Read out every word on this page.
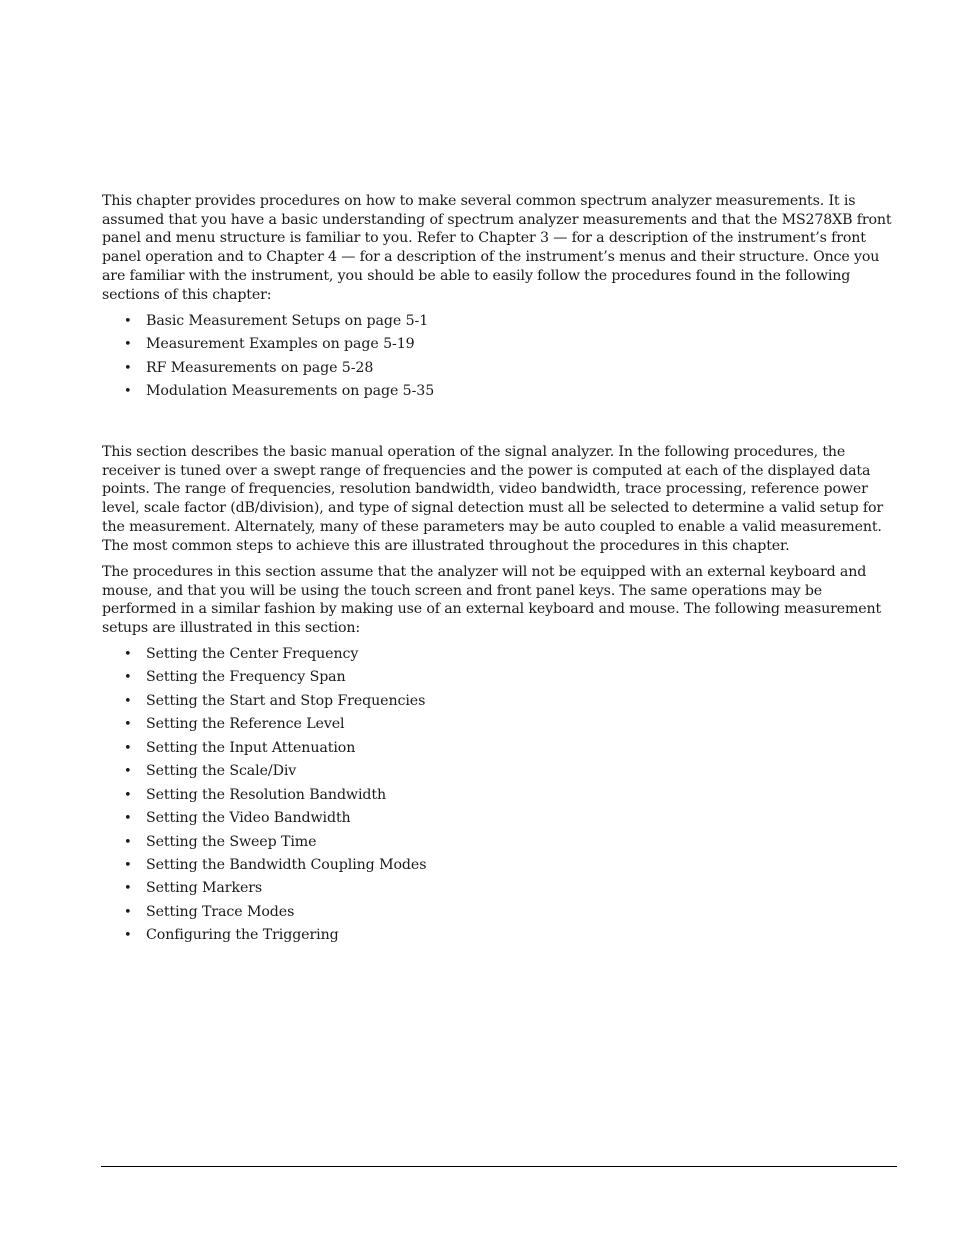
This chapter provides procedures on how to make several common spectrum analyzer measurements. It is assumed that you have a basic understanding of spectrum analyzer measurements and that the MS278XB front panel and menu structure is familiar to you. Refer to Chapter 3 — for a description of the instrument’s front panel operation and to Chapter 4 — for a description of the instrument’s menus and their structure. Once you are familiar with the instrument, you should be able to easily follow the procedures found in the following sections of this chapter:

• Basic Measurement Setups on page 5-1
• Measurement Examples on page 5-19
• RF Measurements on page 5-28
• Modulation Measurements on page 5-35

This section describes the basic manual operation of the signal analyzer. In the following procedures, the receiver is tuned over a swept range of frequencies and the power is computed at each of the displayed data points. The range of frequencies, resolution bandwidth, video bandwidth, trace processing, reference power level, scale factor (dB/division), and type of signal detection must all be selected to determine a valid setup for the measurement. Alternately, many of these parameters may be auto coupled to enable a valid measurement. The most common steps to achieve this are illustrated throughout the procedures in this chapter.

The procedures in this section assume that the analyzer will not be equipped with an external keyboard and mouse, and that you will be using the touch screen and front panel keys. The same operations may be performed in a similar fashion by making use of an external keyboard and mouse. The following measurement setups are illustrated in this section:

• Setting the Center Frequency
• Setting the Frequency Span
• Setting the Start and Stop Frequencies
• Setting the Reference Level
• Setting the Input Attenuation
• Setting the Scale/Div
• Setting the Resolution Bandwidth
• Setting the Video Bandwidth
• Setting the Sweep Time
• Setting the Bandwidth Coupling Modes
• Setting Markers
• Setting Trace Modes
• Configuring the Triggering
